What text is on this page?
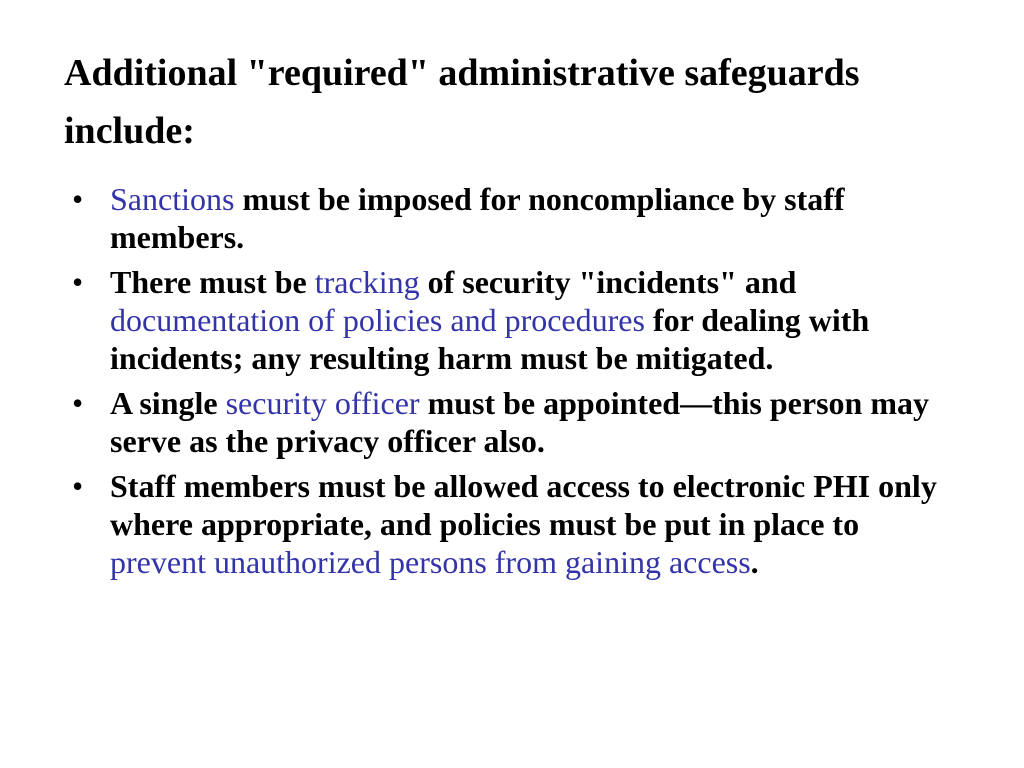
Additional "required" administrative safeguards include:
• Sanctions must be imposed for noncompliance by staff members.
• There must be tracking of security "incidents" and documentation of policies and procedures for dealing with incidents; any resulting harm must be mitigated.
• A single security officer must be appointed—this person may serve as the privacy officer also.
• Staff members must be allowed access to electronic PHI only where appropriate, and policies must be put in place to prevent unauthorized persons from gaining access.
